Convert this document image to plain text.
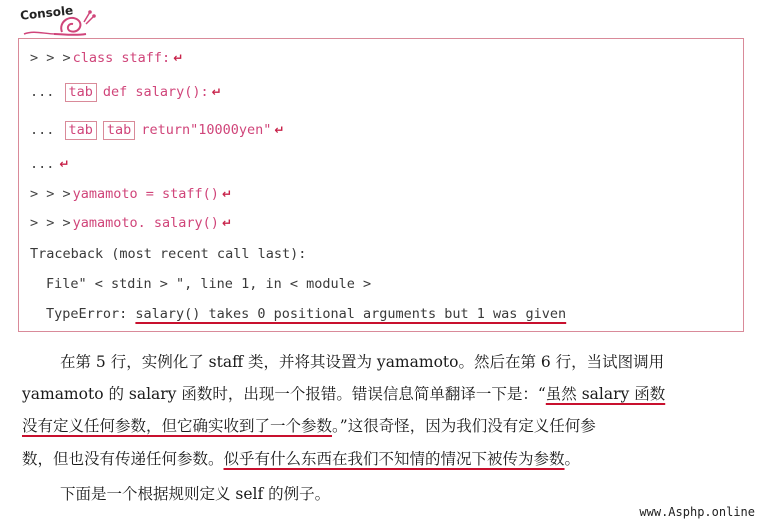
Console
> > > class staff: ↵
... tab def salary(): ↵
... tab tab return"10000yen" ↵
... ↵
> > > yamamoto = staff() ↵
> > > yamamoto. salary() ↵
Traceback (most recent call last):
File" < stdin > ", line 1, in < module >
TypeError: salary() takes 0 positional arguments but 1 was given
在第 5 行，实例化了 staff 类，并将其设置为 yamamoto。然后在第 6 行，当试图调用
yamamoto 的 salary 函数时，出现一个报错。错误信息简单翻译一下是：“虽然 salary 函数
没有定义任何参数，但它确实收到了一个参数。”这很奇怪，因为我们没有定义任何参
数，但也没有传递任何参数。似乎有什么东西在我们不知情的情况下被传为参数。
下面是一个根据规则定义 self 的例子。
www.Asphp.online
